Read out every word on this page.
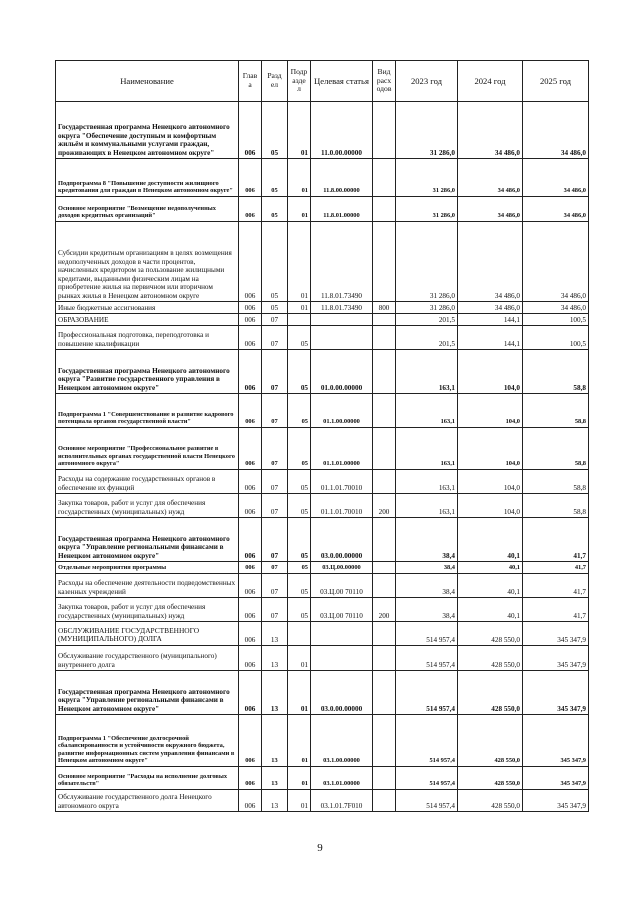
Наименование	Глав а	Разд ел	Подр азде л	Целевая статья	Вид расх одов	2023 год	2024 год	2025 год
Государственная программа Ненецкого автономного округа "Обеспечение доступным и комфортным жильём и коммунальными услугами граждан, проживающих в Ненецком автономном округе"	006	05	01	11.0.00.00000		31 286,0	34 486,0	34 486,0
Подпрограмма 8 "Повышение доступности жилищного кредитования для граждан в Ненецком автономном округе"	006	05	01	11.8.00.00000		31 286,0	34 486,0	34 486,0
Основное мероприятие "Возмещение недополученных доходов кредитных организаций"	006	05	01	11.8.01.00000		31 286,0	34 486,0	34 486,0
Субсидии кредитным организациям в целях возмещения недополученных доходов в части процентов, начисленных кредитором за пользование жилищными кредитами, выданными физическим лицам на приобретение жилья на первичном или вторичном рынках жилья в Ненецком автономном округе	006	05	01	11.8.01.73490		31 286,0	34 486,0	34 486,0
Иные бюджетные ассигнования	006	05	01	11.8.01.73490	800	31 286,0	34 486,0	34 486,0
ОБРАЗОВАНИЕ	006	07				201,5	144,1	100,5
Профессиональная подготовка, переподготовка и повышение квалификации	006	07	05			201,5	144,1	100,5
Государственная программа Ненецкого автономного округа "Развитие государственного управления в Ненецком автономном округе"	006	07	05	01.0.00.00000		163,1	104,0	58,8
Подпрограмма 1 "Совершенствование и развитие кадрового потенциала органов государственной власти"	006	07	05	01.1.00.00000		163,1	104,0	58,8
Основное мероприятие "Профессиональное развитие в исполнительных органах государственной власти Ненецкого автономного округа"	006	07	05	01.1.01.00000		163,1	104,0	58,8
Расходы на содержание государственных органов в обеспечение их функций	006	07	05	01.1.01.70010		163,1	104,0	58,8
Закупка товаров, работ и услуг для обеспечения государственных (муниципальных) нужд	006	07	05	01.1.01.70010	200	163,1	104,0	58,8
Государственная программа Ненецкого автономного округа "Управление региональными финансами в Ненецком автономном округе"	006	07	05	03.0.00.00000		38,4	40,1	41,7
Отдельные мероприятия программы	006	07	05	03.Ц.00.00000		38,4	40,1	41,7
Расходы на обеспечение деятельности подведомственных казенных учреждений	006	07	05	03.Ц.00 70110		38,4	40,1	41,7
Закупка товаров, работ и услуг для обеспечения государственных (муниципальных) нужд	006	07	05	03.Ц.00 70110	200	38,4	40,1	41,7
ОБСЛУЖИВАНИЕ ГОСУДАРСТВЕННОГО (МУНИЦИПАЛЬНОГО) ДОЛГА	006	13				514 957,4	428 550,0	345 347,9
Обслуживание государственного (муниципального) внутреннего долга	006	13	01			514 957,4	428 550,0	345 347,9
Государственная программа Ненецкого автономного округа "Управление региональными финансами в Ненецком автономном округе"	006	13	01	03.0.00.00000		514 957,4	428 550,0	345 347,9
Подпрограмма 1 "Обеспечение долгосрочной сбалансированности и устойчивости окружного бюджета, развитие информационных систем управления финансами в Ненецком автономном округе"	006	13	01	03.1.00.00000		514 957,4	428 550,0	345 347,9
Основное мероприятие "Расходы на исполнение долговых обязательств"	006	13	01	03.1.01.00000		514 957,4	428 550,0	345 347,9
Обслуживание государственного долга Ненецкого автономного округа	006	13	01	03.1.01.7F010		514 957,4	428 550,0	345 347,9
9
